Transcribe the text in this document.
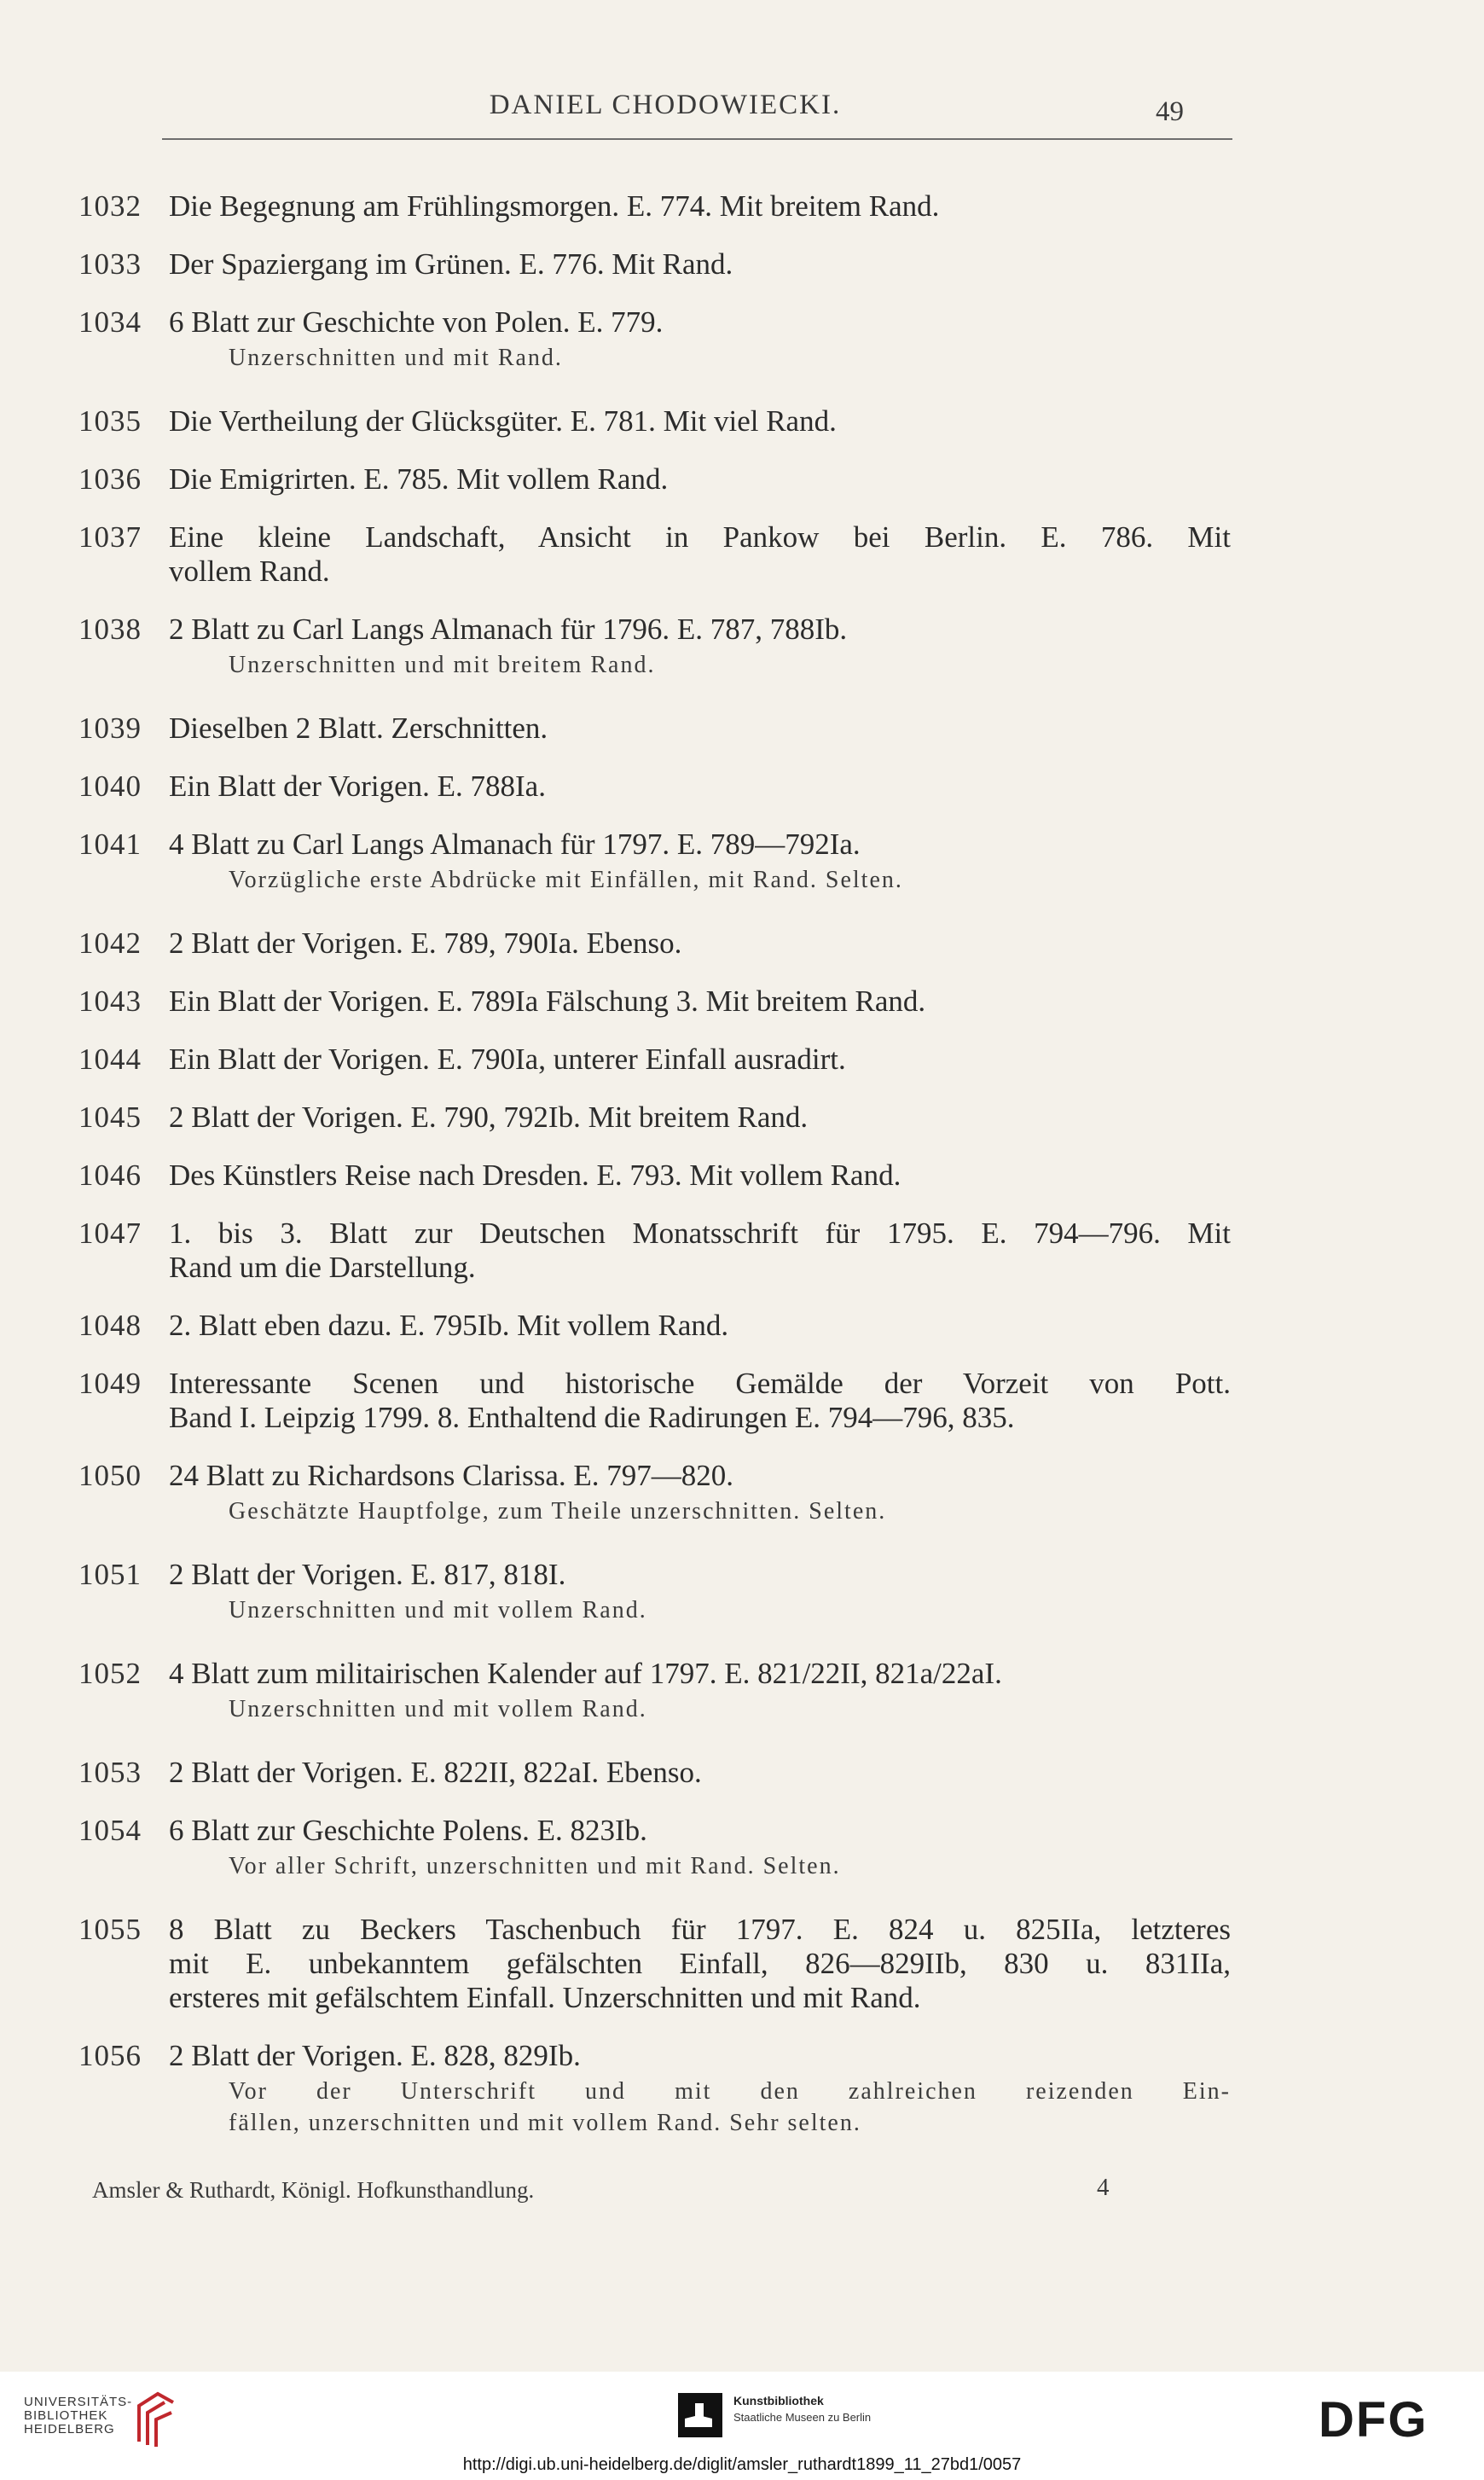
DANIEL CHODOWIECKI.	49
1032 Die Begegnung am Frühlingsmorgen. E. 774. Mit breitem Rand.
1033 Der Spaziergang im Grünen. E. 776. Mit Rand.
1034 6 Blatt zur Geschichte von Polen. E. 779.
Unzerschnitten und mit Rand.
1035 Die Vertheilung der Glücksgüter. E. 781. Mit viel Rand.
1036 Die Emigrirten. E. 785. Mit vollem Rand.
1037 Eine kleine Landschaft, Ansicht in Pankow bei Berlin. E. 786. Mit
vollem Rand.
1038 2 Blatt zu Carl Langs Almanach für 1796. E. 787, 788Ib.
Unzerschnitten und mit breitem Rand.
1039 Dieselben 2 Blatt. Zerschnitten.
1040 Ein Blatt der Vorigen. E. 788Ia.
1041 4 Blatt zu Carl Langs Almanach für 1797. E. 789—792Ia.
Vorzügliche erste Abdrücke mit Einfällen, mit Rand. Selten.
1042 2 Blatt der Vorigen. E. 789, 790Ia. Ebenso.
1043 Ein Blatt der Vorigen. E. 789Ia Fälschung 3. Mit breitem Rand.
1044 Ein Blatt der Vorigen. E. 790Ia, unterer Einfall ausradirt.
1045 2 Blatt der Vorigen. E. 790, 792Ib. Mit breitem Rand.
1046 Des Künstlers Reise nach Dresden. E. 793. Mit vollem Rand.
1047 1. bis 3. Blatt zur Deutschen Monatsschrift für 1795. E. 794—796. Mit
Rand um die Darstellung.
1048 2. Blatt eben dazu. E. 795Ib. Mit vollem Rand.
1049 Interessante Scenen und historische Gemälde der Vorzeit von Pott.
Band I. Leipzig 1799. 8. Enthaltend die Radirungen E. 794—796, 835.
1050 24 Blatt zu Richardsons Clarissa. E. 797—820.
Geschätzte Hauptfolge, zum Theile unzerschnitten. Selten.
1051 2 Blatt der Vorigen. E. 817, 818I.
Unzerschnitten und mit vollem Rand.
1052 4 Blatt zum militairischen Kalender auf 1797. E. 821/22II, 821a/22aI.
Unzerschnitten und mit vollem Rand.
1053 2 Blatt der Vorigen. E. 822II, 822aI. Ebenso.
1054 6 Blatt zur Geschichte Polens. E. 823Ib.
Vor aller Schrift, unzerschnitten und mit Rand. Selten.
1055 8 Blatt zu Beckers Taschenbuch für 1797. E. 824 u. 825IIa, letzteres
mit E. unbekanntem gefälschten Einfall, 826—829IIb, 830 u. 831IIa,
ersteres mit gefälschtem Einfall. Unzerschnitten und mit Rand.
1056 2 Blatt der Vorigen. E. 828, 829Ib.
Vor der Unterschrift und mit den zahlreichen reizenden Ein-
fällen, unzerschnitten und mit vollem Rand. Sehr selten.
Amsler & Ruthardt, Königl. Hofkunsthandlung.	4
UNIVERSITÄTS-
BIBLIOTHEK
HEIDELBERG
Kunstbibliothek
Staatliche Museen zu Berlin	DFG
http://digi.ub.uni-heidelberg.de/diglit/amsler_ruthardt1899_11_27bd1/0057
